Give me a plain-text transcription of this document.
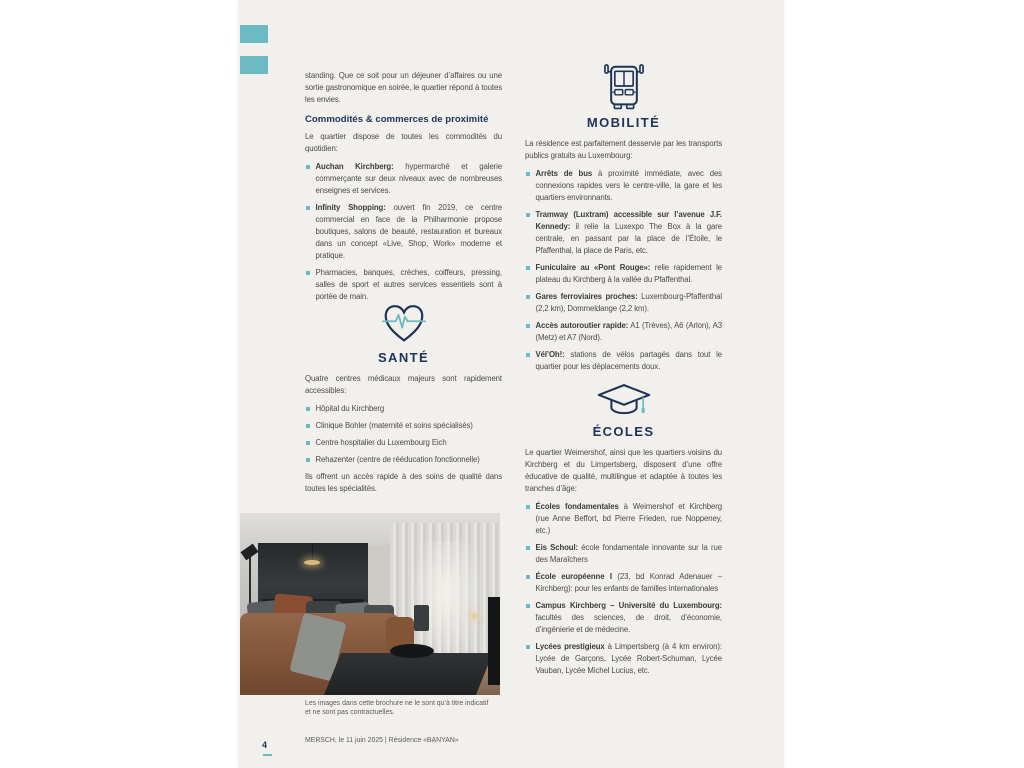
standing. Que ce soit pour un déjeuner d’affaires ou une sortie gastronomique en soirée, le quartier répond à toutes les envies.

Commodités & commerces de proximité

Le quartier dispose de toutes les commodités du quotidien:

Auchan Kirchberg: hypermarché et galerie commerçante sur deux niveaux avec de nombreuses enseignes et services.

Infinity Shopping: ouvert fin 2019, ce centre commercial en face de la Philharmonie propose boutiques, salons de beauté, restauration et bureaux dans un concept «Live, Shop, Work» moderne et pratique.

Pharmacies, banques, crèches, coiffeurs, pressing, salles de sport et autres services essentiels sont à portée de main.

SANTÉ

Quatre centres médicaux majeurs sont rapidement accessibles:

Hôpital du Kirchberg

Clinique Bohler (maternité et soins spécialisés)

Centre hospitalier du Luxembourg Eich

Rehazenter (centre de rééducation fonctionnelle)

Ils offrent un accès rapide à des soins de qualité dans toutes les spécialités.

Les images dans cette brochure ne le sont qu’à titre indicatif et ne sont pas contractuelles.

MOBILITÉ

La résidence est parfaitement desservie par les transports publics gratuits au Luxembourg:

Arrêts de bus à proximité immédiate, avec des connexions rapides vers le centre-ville, la gare et les quartiers environnants.

Tramway (Luxtram) accessible sur l’avenue J.F. Kennedy: il relie la Luxexpo The Box à la gare centrale, en passant par la place de l’Étoile, le Pfaffenthal, la place de Paris, etc.

Funiculaire au «Pont Rouge»: relie rapidement le plateau du Kirchberg à la vallée du Pfaffenthal.

Gares ferroviaires proches: Luxembourg-Pfaffenthal (2,2 km), Dommeldange (2,2 km).

Accès autoroutier rapide: A1 (Trèves), A6 (Arlon), A3 (Metz) et A7 (Nord).

Vél’Oh!: stations de vélos partagés dans tout le quartier pour les déplacements doux.

ÉCOLES

Le quartier Weimershof, ainsi que les quartiers voisins du Kirchberg et du Limpertsberg, disposent d’une offre éducative de qualité, multilingue et adaptée à toutes les tranches d’âge:

Écoles fondamentales à Weimershof et Kirchberg (rue Anne Beffort, bd Pierre Frieden, rue Noppeney, etc.)

Eis Schoul: école fondamentale innovante sur la rue des Maraîchers

École européenne I (23, bd Konrad Adenauer – Kirchberg): pour les enfants de familles internationales

Campus Kirchberg – Université du Luxembourg: facultés des sciences, de droit, d’économie, d’ingénierie et de médecine.

Lycées prestigieux à Limpertsberg (à 4 km environ): Lycée de Garçons, Lycée Robert-Schuman, Lycée Vauban, Lycée Michel Lucius, etc.

4	MERSCH, le 11 juin 2025 | Résidence «BANYAN»
